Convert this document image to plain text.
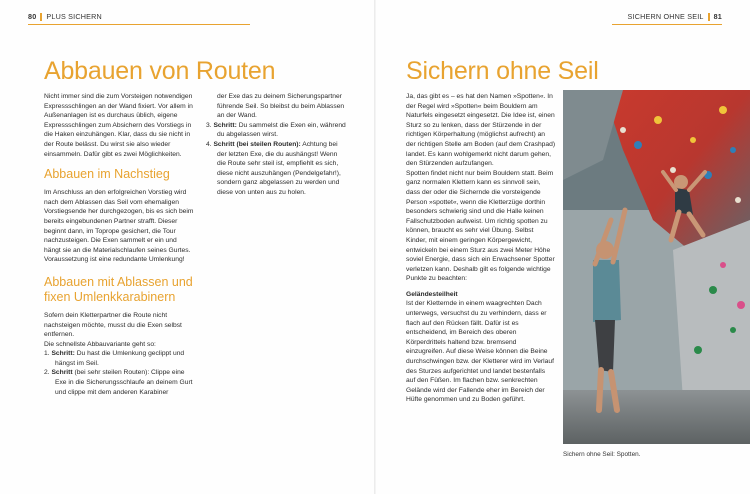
80 PLUS SICHERN
Abbauen von Routen

Nicht immer sind die zum Vorsteigen notwendigen Expressschlingen an der Wand fixiert. Vor allem in Außenanlagen ist es durchaus üblich, eigene Expressschlingen zum Absichern des Vorstiegs in die Haken einzuhängen. Klar, dass du sie nicht in der Route belässt. Du wirst sie also wieder einsammeln. Dafür gibt es zwei Möglichkeiten.

Abbauen im Nachstieg

Im Anschluss an den erfolgreichen Vorstieg wird nach dem Ablassen das Seil vom ehemaligen Vorstiegsende her durchgezogen, bis es sich beim bereits eingebundenen Partner strafft. Dieser beginnt dann, im Toprope gesichert, die Tour nachzusteigen. Die Exen sammelt er ein und hängt sie an die Materialschlaufen seines Gurtes. Voraussetzung ist eine redundante Umlenkung!

Abbauen mit Ablassen und fixen Umlenkkarabinern

Sofern dein Kletterpartner die Route nicht nachsteigen möchte, musst du die Exen selbst entfernen.

Die schnellste Abbauvariante geht so:

1. Schritt: Du hast die Umlenkung geclippt und hängst im Seil.
2. Schritt (bei sehr steilen Routen): Clippe eine Exe in die Sicherungsschlaufe an deinem Gurt und clippe mit dem anderen Karabiner

der Exe das zu deinem Sicherungspartner führende Seil. So bleibst du beim Ablassen an der Wand.

3. Schritt: Du sammelst die Exen ein, während du abgelassen wirst.
4. Schritt (bei steilen Routen): Achtung bei der letzten Exe, die du aushängst! Wenn die Route sehr steil ist, empfiehlt es sich, diese nicht auszuhängen (Pendelgefahr!), sondern ganz abgelassen zu werden und diese von unten aus zu holen.
SICHERN OHNE SEIL 81
Sichern ohne Seil

Ja, das gibt es – es hat den Namen »Spotten«. In der Regel wird »Spotten« beim Bouldern am Naturfels eingesetzt eingesetzt. Die Idee ist, einen Sturz so zu lenken, dass der Stürzende in der richtigen Körperhaltung (möglichst aufrecht) an der richtigen Stelle am Boden (auf dem Crashpad) landet. Es kann wohlgemerkt nicht darum gehen, den Stürzenden aufzufangen.

Spotten findet nicht nur beim Bouldern statt. Beim ganz normalen Klettern kann es sinnvoll sein, dass der oder die Sichernde die vorsteigende Person »spottet«, wenn die Kletterzüge dorthin besonders schwierig sind und die Halle keinen Fallschutzboden aufweist. Um richtig spotten zu können, braucht es sehr viel Übung. Selbst Kinder, mit einem geringen Körpergewicht, entwickeln bei einem Sturz aus zwei Meter Höhe soviel Energie, dass sich ein Erwachsener Spotter verletzen kann. Deshalb gilt es folgende wichtige Punkte zu beachten:

Geländesteilheit

Ist der Kletternde in einem waagrechten Dach unterwegs, versuchst du zu verhindern, dass er flach auf den Rücken fällt. Dafür ist es entscheidend, im Bereich des oberen Körperdrittels haltend bzw. bremsend einzugreifen. Auf diese Weise können die Beine durchschwingen bzw. der Kletterer wird im Verlauf des Sturzes aufgerichtet und landet bestenfalls auf den Füßen. Im flachen bzw. senkrechten Gelände wird der Fallende eher im Bereich der Hüfte genommen und zu Boden geführt.

Sichern ohne Seil: Spotten.
